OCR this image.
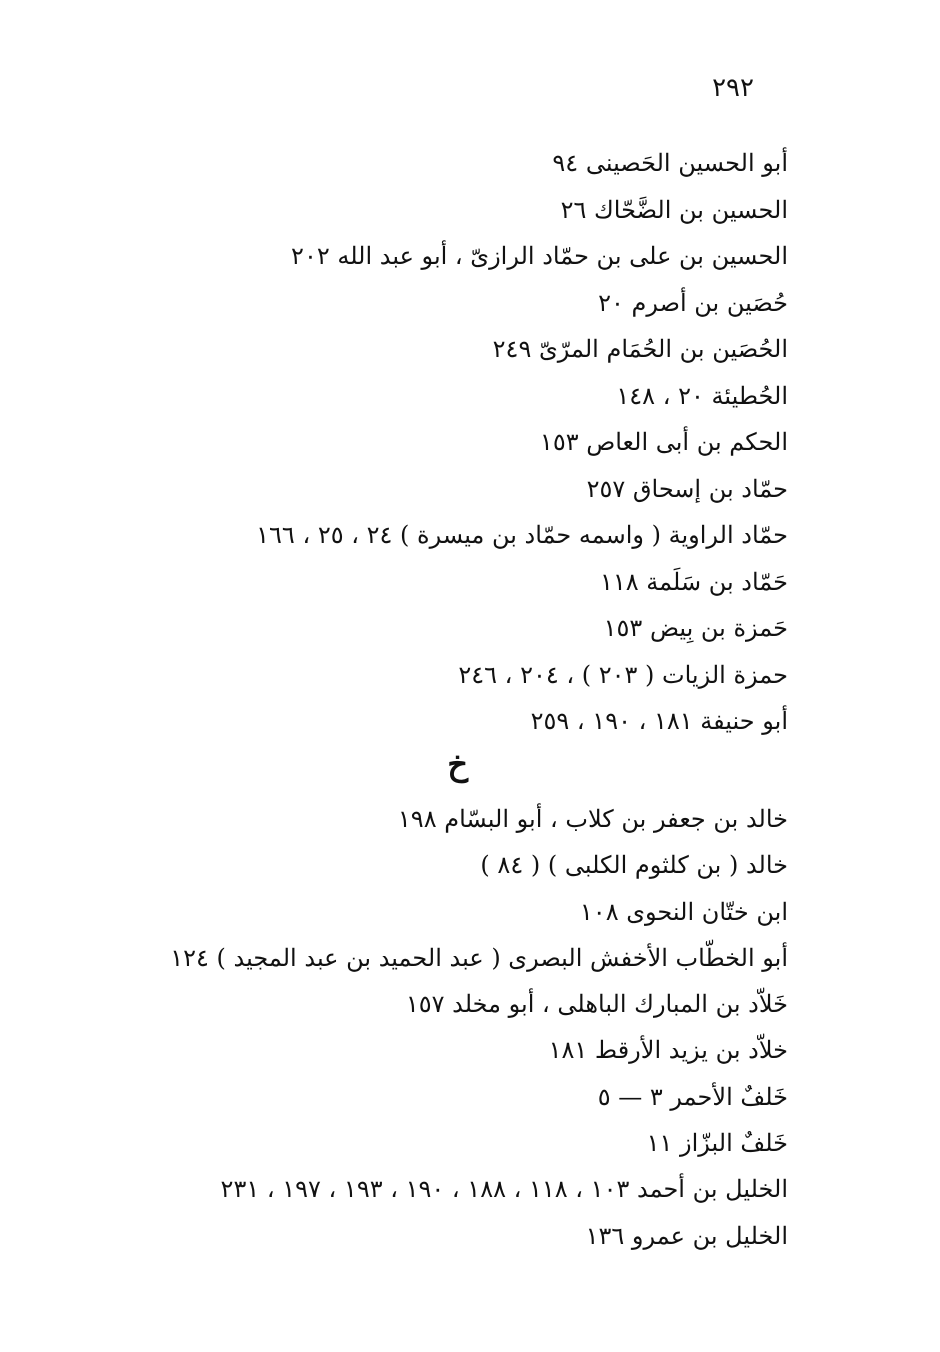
٢٩٢
أبو الحسين الحَصينى ٩٤
الحسين بن الضَّحّاك ٢٦
الحسين بن على بن حمّاد الرازىّ ، أبو عبد الله ٢٠٢
حُصَين بن أصرم ٢٠
الحُصَين بن الحُمَام المرّىّ ٢٤٩
الحُطيئة ٢٠ ، ١٤٨
الحكم بن أبى العاص ١٥٣
حمّاد بن إسحاق ٢٥٧
حمّاد الراوية ( واسمه حمّاد بن ميسرة ) ٢٤ ، ٢٥ ، ١٦٦
حَمّاد بن سَلَمة ١١٨
حَمزة بن بِيض ١٥٣
حمزة الزيات ( ٢٠٣ ) ، ٢٠٤ ، ٢٤٦
أبو حنيفة ١٨١ ، ١٩٠ ، ٢٥٩
خ
خالد بن جعفر بن كلاب ، أبو البسّام ١٩٨
خالد ( بن كلثوم الكلبى ) ( ٨٤ )
ابن ختّان النحوى ١٠٨
أبو الخطّاب الأخفش البصرى ( عبد الحميد بن عبد المجيد ) ١٢٤
خَلاّد بن المبارك الباهلى ، أبو مخلد ١٥٧
خلاّد بن يزيد الأرقط ١٨١
خَلفٌ الأحمر ٣ — ٥
خَلفٌ البزّاز ١١
الخليل بن أحمد ١٠٣ ، ١١٨ ، ١٨٨ ، ١٩٠ ، ١٩٣ ، ١٩٧ ، ٢٣١
الخليل بن عمرو ١٣٦
